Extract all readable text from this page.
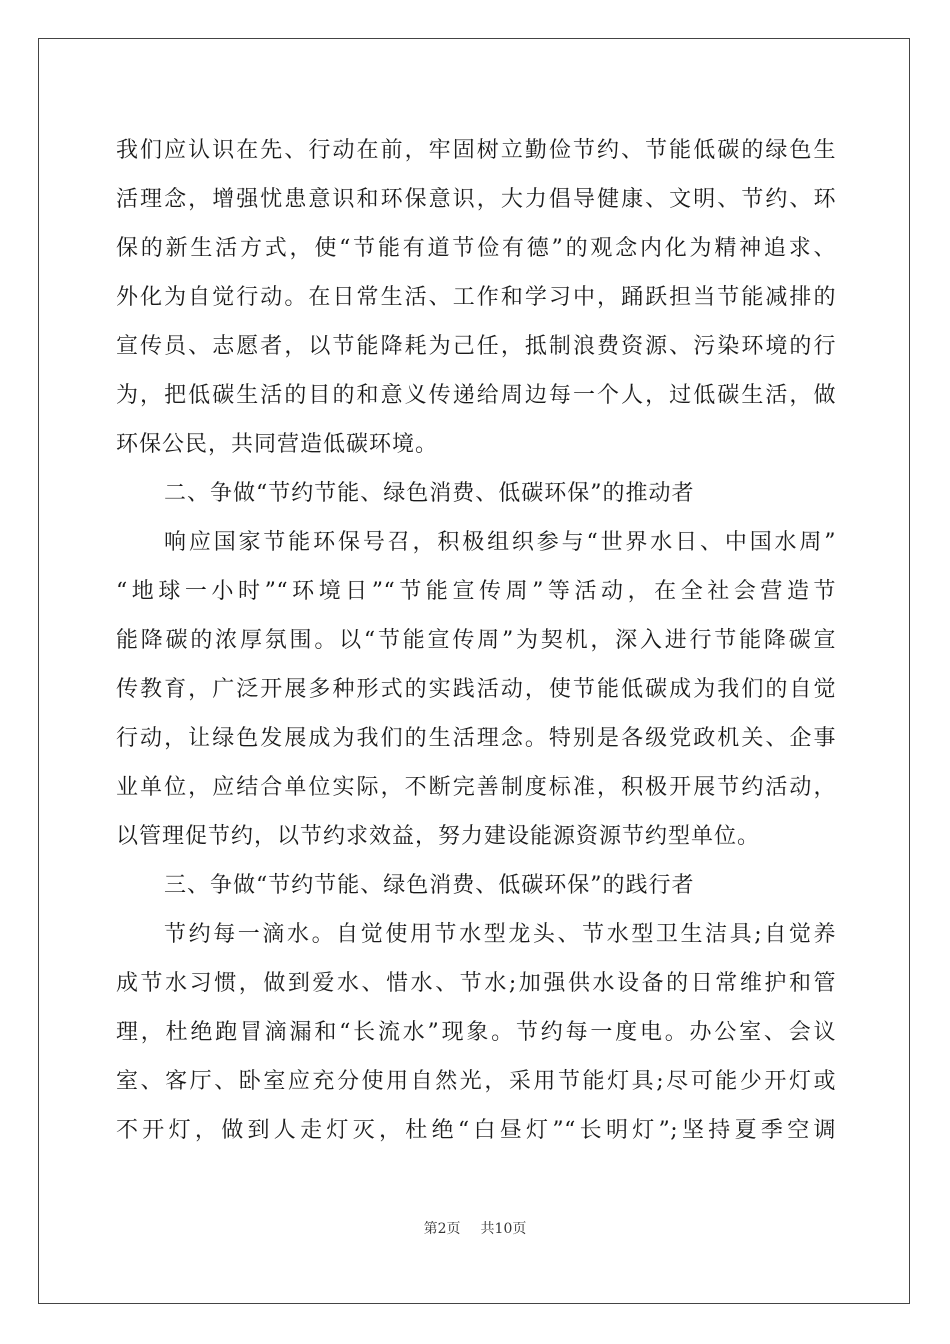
我们应认识在先、行动在前，牢固树立勤俭节约、节能低碳的绿色生
活理念，增强忧患意识和环保意识，大力倡导健康、文明、节约、环
保的新生活方式，使“节能有道节俭有德”的观念内化为精神追求、
外化为自觉行动。在日常生活、工作和学习中，踊跃担当节能减排的
宣传员、志愿者，以节能降耗为己任，抵制浪费资源、污染环境的行
为，把低碳生活的目的和意义传递给周边每一个人，过低碳生活，做
环保公民，共同营造低碳环境。
二、争做“节约节能、绿色消费、低碳环保”的推动者
响应国家节能环保号召，积极组织参与“世界水日、中国水周”
“地球一小时”“环境日”“节能宣传周”等活动，在全社会营造节
能降碳的浓厚氛围。以“节能宣传周”为契机，深入进行节能降碳宣
传教育，广泛开展多种形式的实践活动，使节能低碳成为我们的自觉
行动，让绿色发展成为我们的生活理念。特别是各级党政机关、企事
业单位，应结合单位实际，不断完善制度标准，积极开展节约活动，
以管理促节约，以节约求效益，努力建设能源资源节约型单位。
三、争做“节约节能、绿色消费、低碳环保”的践行者
节约每一滴水。自觉使用节水型龙头、节水型卫生洁具;自觉养
成节水习惯，做到爱水、惜水、节水;加强供水设备的日常维护和管
理，杜绝跑冒滴漏和“长流水”现象。节约每一度电。办公室、会议
室、客厅、卧室应充分使用自然光，采用节能灯具;尽可能少开灯或
不开灯，做到人走灯灭，杜绝“白昼灯”“长明灯”;坚持夏季空调
第2页 共10页
